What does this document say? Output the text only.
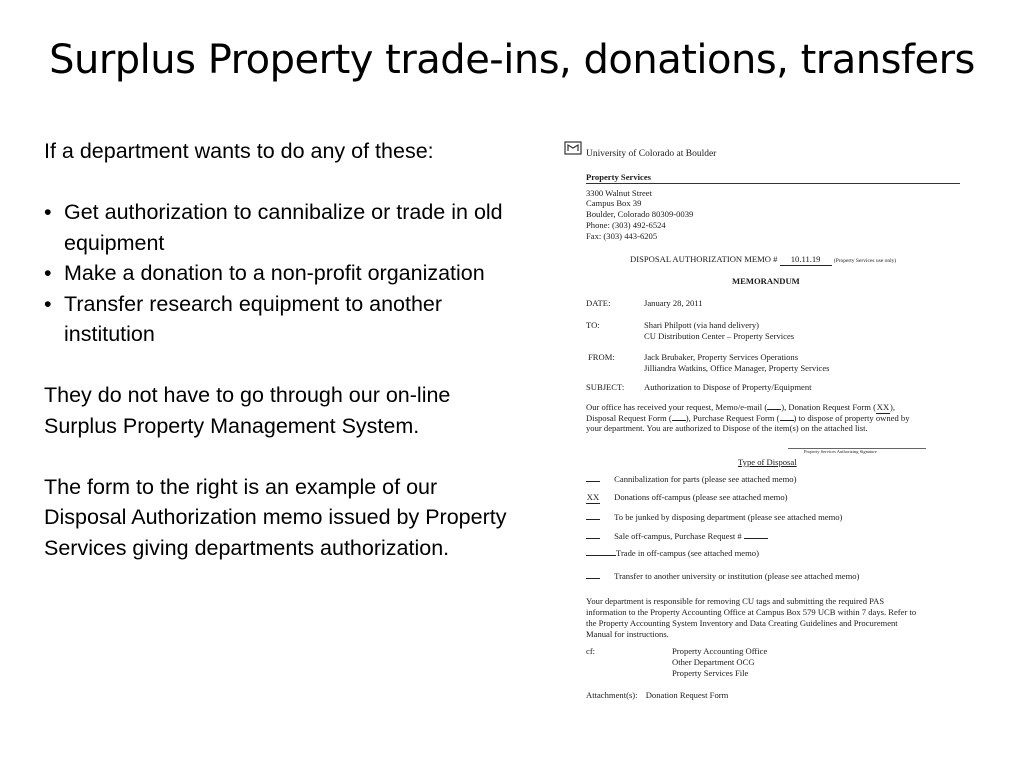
Surplus Property trade-ins, donations, transfers

If a department wants to do any of these:

• Get authorization to cannibalize or trade in old equipment
• Make a donation to a non-profit organization
• Transfer research equipment to another institution

They do not have to go through our on-line Surplus Property Management System.

The form to the right is an example of our Disposal Authorization memo issued by Property Services giving departments authorization.

University of Colorado at Boulder
Property Services
3300 Walnut Street
Campus Box 39
Boulder, Colorado 80309-0039
Phone: (303) 492-6524
Fax: (303) 443-6205
DISPOSAL AUTHORIZATION MEMO # 10.11.19 (Property Services use only)
MEMORANDUM
DATE:	January 28, 2011
TO:	Shari Philpott (via hand delivery)
CU Distribution Center – Property Services
FROM:	Jack Brubaker, Property Services Operations
Jilliandra Watkins, Office Manager, Property Services
SUBJECT: Authorization to Dispose of Property/Equipment
Our office has received your request, Memo/e-mail ( ), Donation Request Form (XX),
Disposal Request Form ( ), Purchase Request Form ( ) to dispose of property owned by
your department. You are authorized to Dispose of the item(s) on the attached list.
Property Services Authorizing Signature
Type of Disposal
Cannibalization for parts (please see attached memo)
XX Donations off-campus (please see attached memo)
To be junked by disposing department (please see attached memo)
Sale off-campus, Purchase Request #
Trade in off-campus (see attached memo)
Transfer to another university or institution (please see attached memo)
Your department is responsible for removing CU tags and submitting the required PAS
information to the Property Accounting Office at Campus Box 579 UCB within 7 days. Refer to
the Property Accounting System Inventory and Data Creating Guidelines and Procurement
Manual for instructions.
cf:	Property Accounting Office
Other Department OCG
Property Services File
Attachment(s): Donation Request Form
